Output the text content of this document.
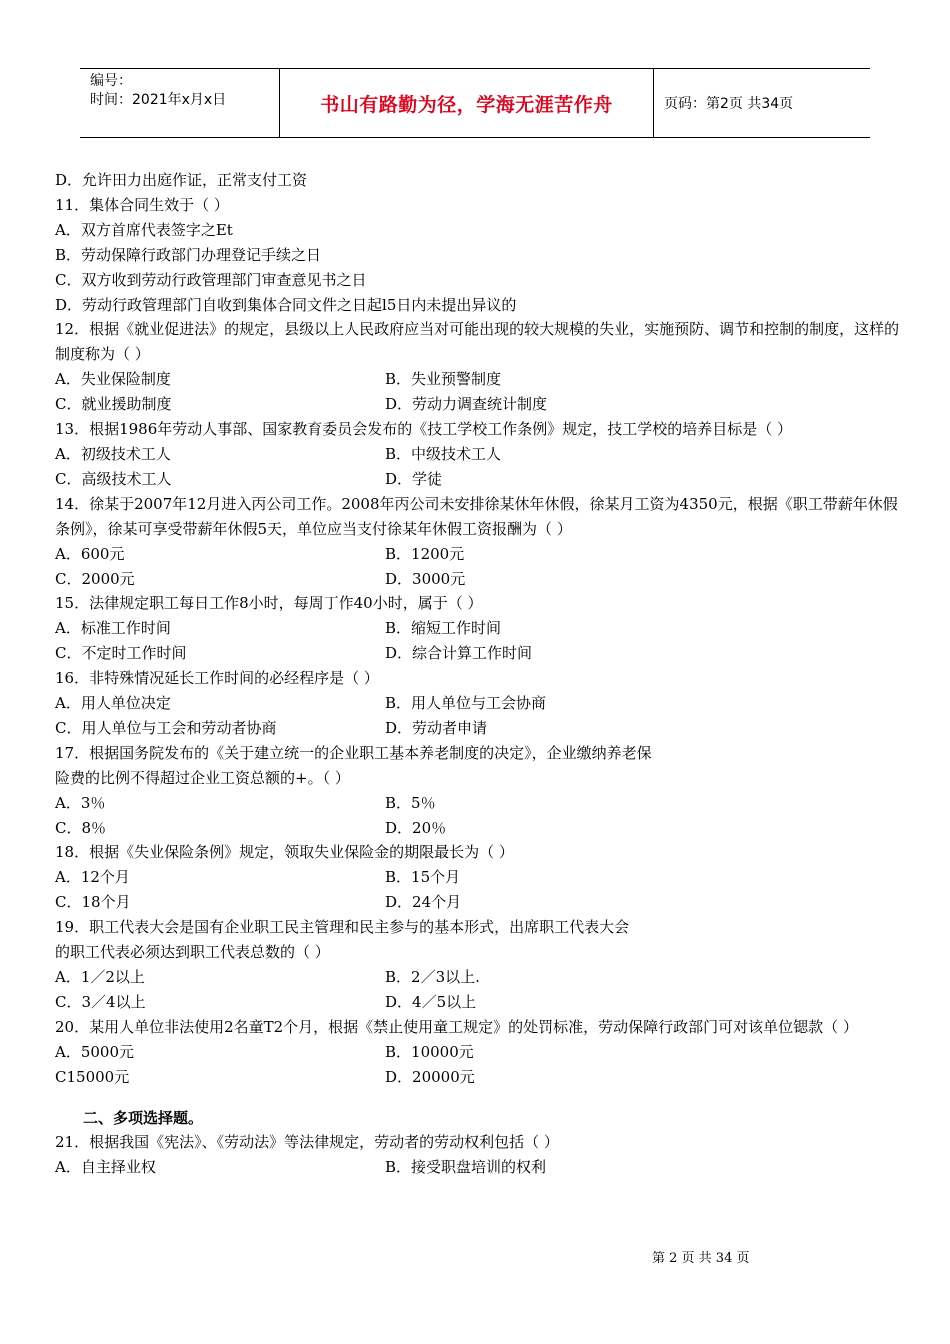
编号：
时间：2021年x月x日	书山有路勤为径，学海无涯苦作舟	页码：第2页 共34页
D．允许田力出庭作证，正常支付工资
11．集体合同生效于（ ）
A．双方首席代表签字之Et
B．劳动保障行政部门办理登记手续之日
C．双方收到劳动行政管理部门审查意见书之日
D．劳动行政管理部门自收到集体合同文件之日起l5日内未提出异议的
12．根据《就业促进法》的规定，县级以上人民政府应当对可能出现的较大规模的失业，实施预防、调节和控制的制度，这样的制度称为（ ）
A．失业保险制度	B．失业预警制度
C．就业援助制度	D．劳动力调查统计制度
13．根据1986年劳动人事部、国家教育委员会发布的《技工学校工作条例》规定，技工学校的培养目标是（ ）
A．初级技术工人	B．中级技术工人
C．高级技术工人	D．学徒
14．徐某于2007年12月进入丙公司工作。2008年丙公司未安排徐某休年休假，徐某月工资为4350元，根据《职工带薪年休假条例》，徐某可享受带薪年休假5天，单位应当支付徐某年休假工资报酬为（ ）
A．600元	B．1200元
C．2000元	D．3000元
15．法律规定职工每日工作8小时，每周丁作40小时，属于（ ）
A．标准工作时间	B．缩短工作时间
C．不定时工作时间	D．综合计算工作时间
16．非特殊情况延长工作时间的必经程序是（ ）
A．用人单位决定	B．用人单位与工会协商
C．用人单位与工会和劳动者协商	D．劳动者申请
17．根据国务院发布的《关于建立统一的企业职工基本养老制度的决定》，企业缴纳养老保
险费的比例不得超过企业工资总额的+。（ ）
A．3％	B．5％
C．8％	D．20％
18．根据《失业保险条例》规定，领取失业保险金的期限最长为（ ）
A．12个月	B．15个月
C．18个月	D．24个月
19．职工代表大会是国有企业职工民主管理和民主参与的基本形式，出席职工代表大会
的职工代表必须达到职工代表总数的（ ）
A．1／2以上	B．2／3以上.
C．3／4以上	D．4／5以上
20．某用人单位非法使用2名童T2个月，根据《禁止使用童工规定》的处罚标准，劳动保障行政部门可对该单位锶款（ ）
A．5000元	B．10000元
C15000元	D．20000元
二、多项选择题。
21．根据我国《宪法》、《劳动法》等法律规定，劳动者的劳动权利包括（ ）
A．自主择业权	B．接受职盘培训的权利
第 2 页 共 34 页
